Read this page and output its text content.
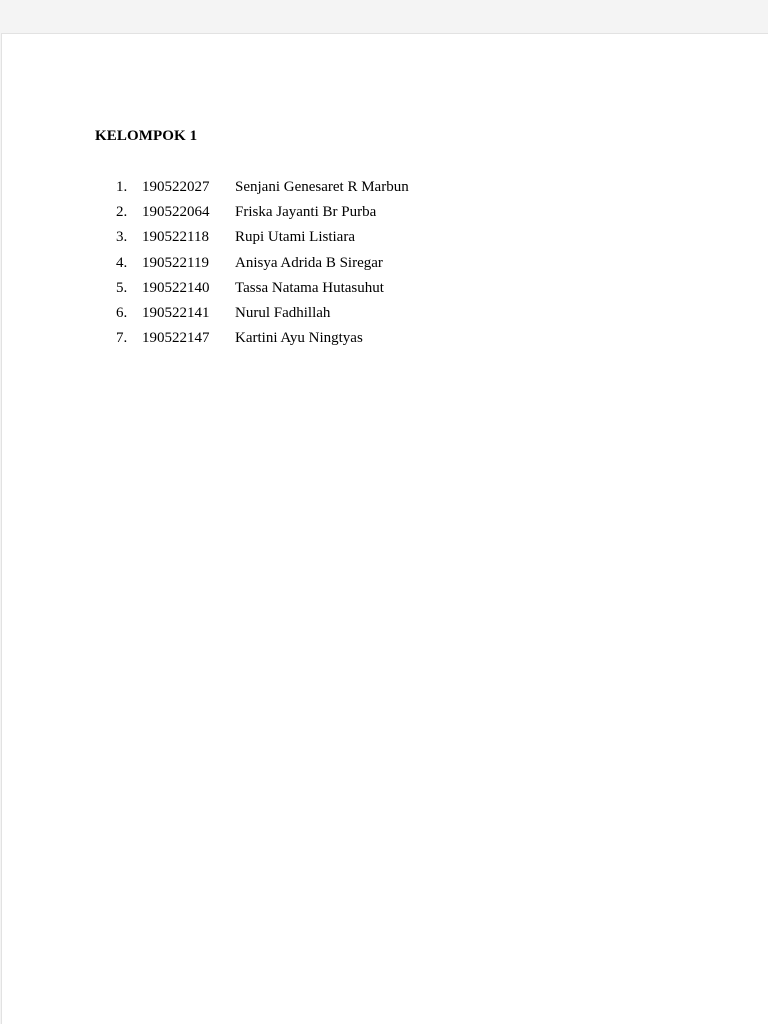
KELOMPOK 1
1. 190522027 Senjani Genesaret R Marbun
2. 190522064 Friska Jayanti Br Purba
3. 190522118 Rupi Utami Listiara
4. 190522119 Anisya Adrida B Siregar
5. 190522140 Tassa Natama Hutasuhut
6. 190522141 Nurul Fadhillah
7. 190522147 Kartini Ayu Ningtyas
